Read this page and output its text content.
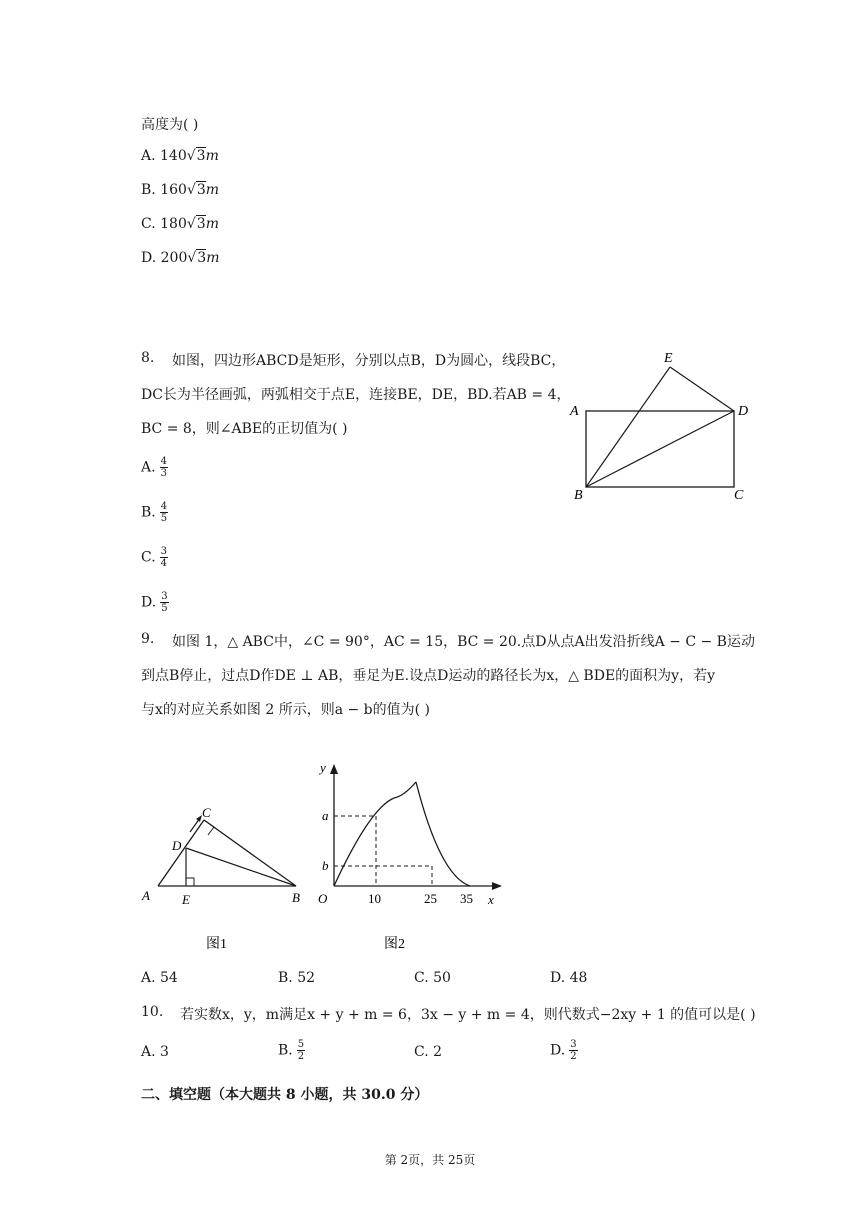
高度为( )
A. 140√3m
B. 160√3m
C. 180√3m
D. 200√3m
8. 如图，四边形ABCD是矩形，分别以点B，D为圆心，线段BC，
DC长为半径画弧，两弧相交于点E，连接BE，DE，BD.若AB = 4，
BC = 8，则∠ABE的正切值为( )
A. $\frac{4}{3}$
B. $\frac{4}{5}$
C. $\frac{3}{4}$
D. $\frac{3}{5}$
E
A	D
B	C
9. 如图 1，△ ABC中，∠C = 90°，AC = 15，BC = 20.点D从点A出发沿折线A − C − B运动
到点B停止，过点D作DE ⊥ AB，垂足为E.设点D运动的路径长为x，△ BDE的面积为y，若y
与x的对应关系如图 2 所示，则a − b的值为( )
C
D
A E	B
图1
y
a
b
O	10	25 35 x
图2
A. 54	B. 52	C. 50	D. 48
10. 若实数x，y，m满足x + y + m = 6，3x − y + m = 4，则代数式−2xy + 1 的值可以是( )
A. 3	B. $\frac{5}{2}$	C. 2	D. $\frac{3}{2}$
二、填空题（本大题共 8 小题，共 30.0 分）
第 2页，共 25页
